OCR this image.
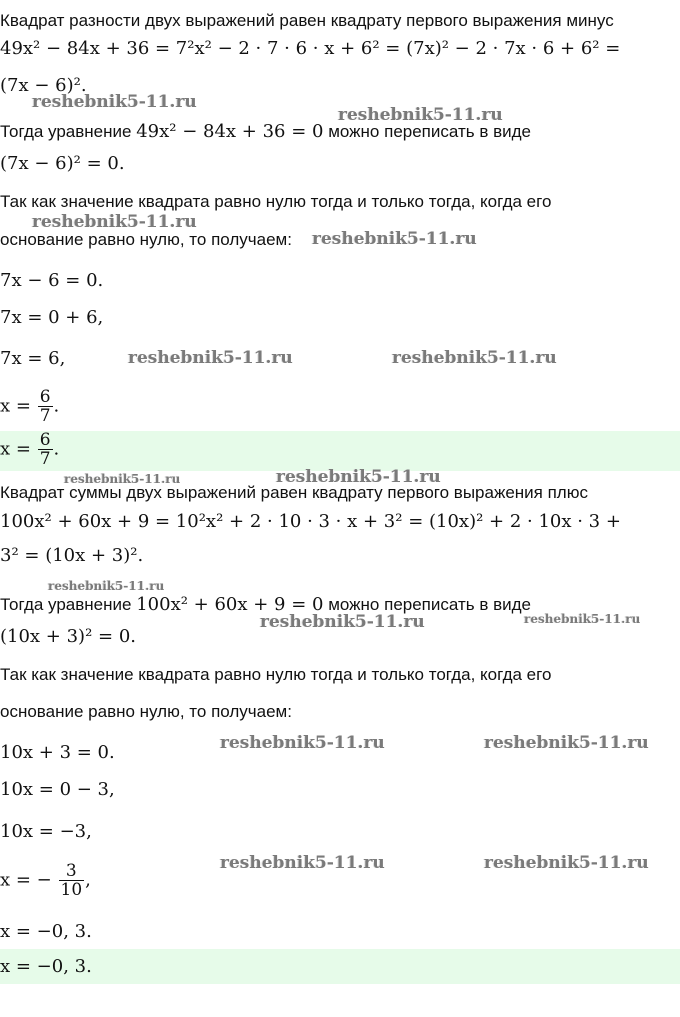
Квадрат разности двух выражений равен квадрату первого выражения минус
49x² − 84x + 36 = 7²x² − 2 · 7 · 6 · x + 6² = (7x)² − 2 · 7x · 6 + 6² =
(7x − 6)².
Тогда уравнение 49x² − 84x + 36 = 0 можно переписать в виде
(7x − 6)² = 0.
Так как значение квадрата равно нулю тогда и только тогда, когда его
основание равно нулю, то получаем:
7x − 6 = 0.
7x = 0 + 6,
7x = 6,
$x = \frac{6}{7}$ .
$x = \frac{6}{7}$ .
Квадрат суммы двух выражений равен квадрату первого выражения плюс
100x² + 60x + 9 = 10²x² + 2 · 10 · 3 · x + 3² = (10x)² + 2 · 10x · 3 +
3² = (10x + 3)².
Тогда уравнение 100x² + 60x + 9 = 0 можно переписать в виде
(10x + 3)² = 0.
Так как значение квадрата равно нулю тогда и только тогда, когда его
основание равно нулю, то получаем:
10x + 3 = 0.
10x = 0 − 3,
10x = −3,
x = − $\frac{3}{10}$ ,
x = −0, 3.
x = −0, 3.
reshebnik5-11.ru
reshebnik5-11.ru
reshebnik5-11.ru
reshebnik5-11.ru
reshebnik5-11.ru	reshebnik5-11.ru
reshebnik5-11.ru	reshebnik5-11.ru
reshebnik5-11.ru
reshebnik5-11.ru	reshebnik5-11.ru
reshebnik5-11.ru	reshebnik5-11.ru
reshebnik5-11.ru	reshebnik5-11.ru
